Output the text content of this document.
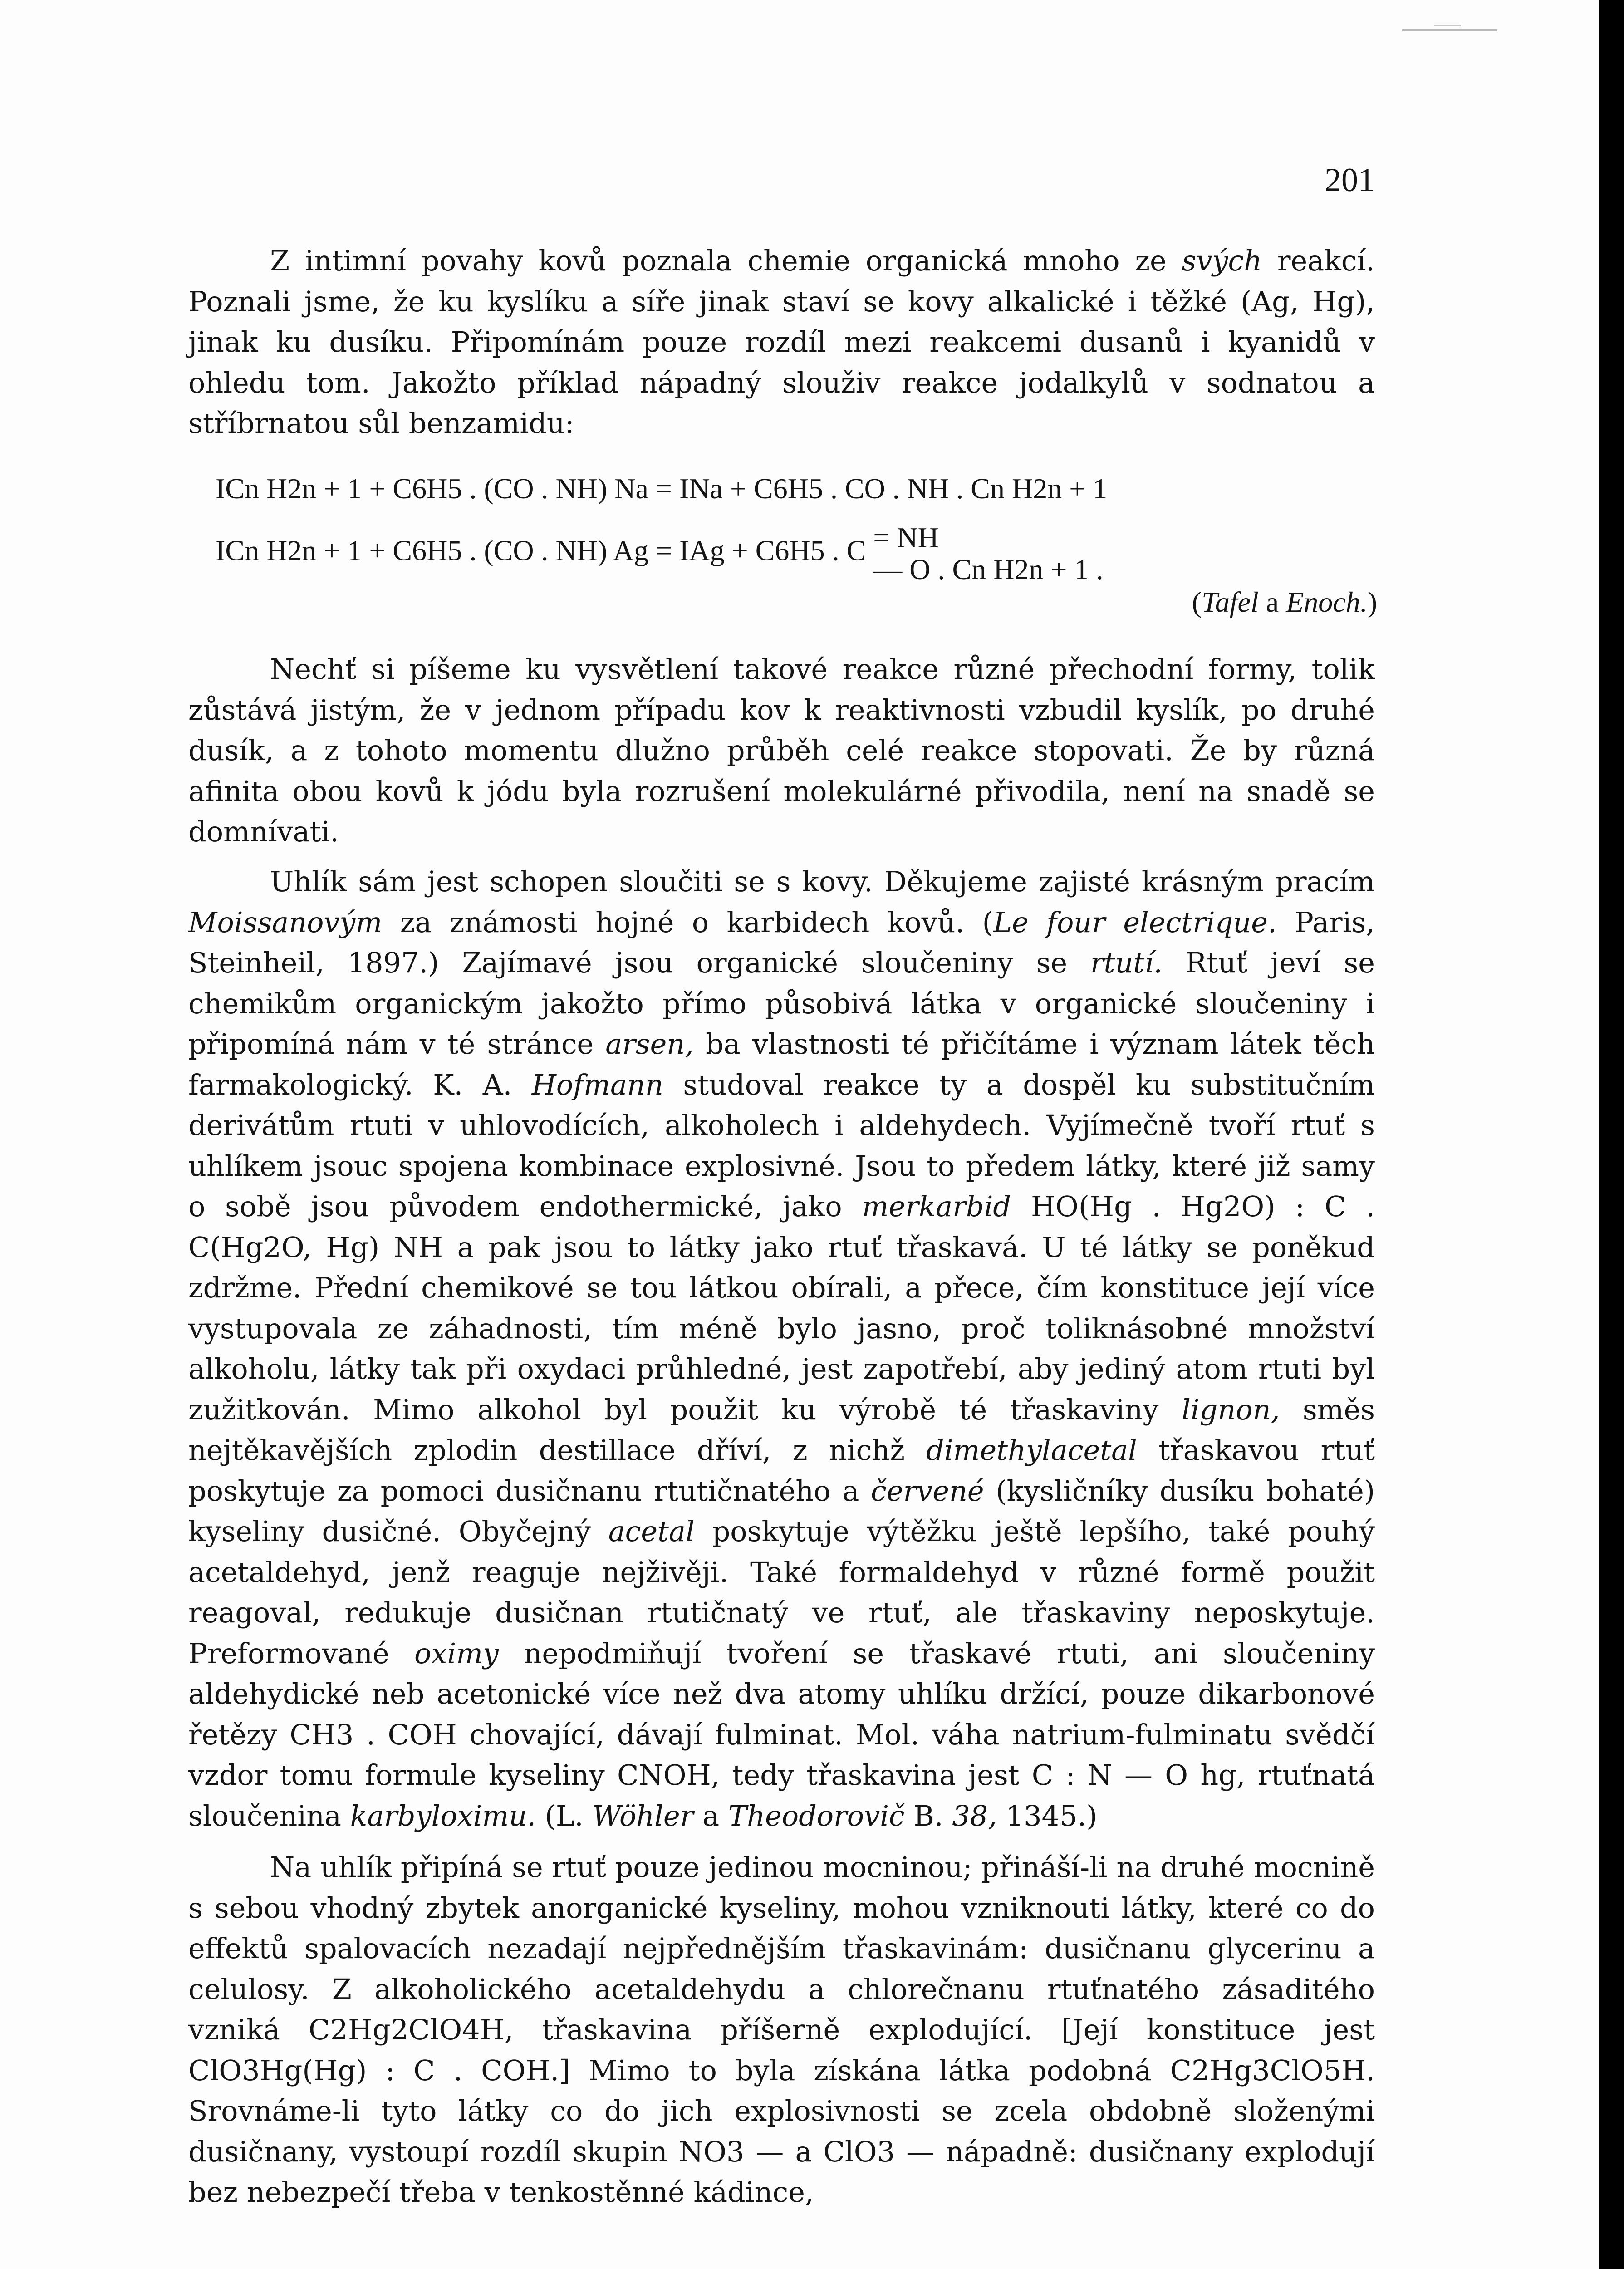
201
Z intimní povahy kovů poznala chemie organická mnoho ze svých reakcí. Poznali jsme, že ku kyslíku a síře jinak staví se kovy alkalické i těžké (Ag, Hg), jinak ku dusíku. Připomínám pouze rozdíl mezi reakcemi dusanů i kyanidů v ohledu tom. Jakožto příklad nápadný slouživ reakce jodalkylů v sodnatou a stříbrnatou sůl benzamidu:
ICn H2n + 1 + C6H5 . (CO . NH) Na = INa + C6H5 . CO . NH . Cn H2n + 1
ICn H2n + 1 + C6H5 . (CO . NH) Ag = IAg + C6H5 . C = NH
— O . Cn H2n + 1 .
(Tafel a Enoch.)
Nechť si píšeme ku vysvětlení takové reakce různé přechodní formy, tolik zůstává jistým, že v jednom případu kov k reaktivnosti vzbudil kyslík, po druhé dusík, a z tohoto momentu dlužno průběh celé reakce stopovati. Že by různá afinita obou kovů k jódu byla rozrušení molekulárné přivodila, není na snadě se domnívati.
Uhlík sám jest schopen sloučiti se s kovy. Děkujeme zajisté krásným pracím Moissanovým za známosti hojné o karbidech kovů. (Le four electrique. Paris, Steinheil, 1897.) Zajímavé jsou organické sloučeniny se rtutí. Rtuť jeví se chemikům organickým jakožto přímo působivá látka v organické sloučeniny i připomíná nám v té stránce arsen, ba vlastnosti té přičítáme i význam látek těch farmakologický. K. A. Hofmann studoval reakce ty a dospěl ku substitučním derivátům rtuti v uhlovodících, alkoholech i aldehydech. Vyjímečně tvoří rtuť s uhlíkem jsouc spojena kombinace explosivné. Jsou to předem látky, které již samy o sobě jsou původem endothermické, jako merkarbid HO(Hg . Hg2O) : C . C(Hg2O, Hg) NH a pak jsou to látky jako rtuť třaskavá. U té látky se poněkud zdržme. Přední chemikové se tou látkou obírali, a přece, čím konstituce její více vystupovala ze záhadnosti, tím méně bylo jasno, proč toliknásobné množství alkoholu, látky tak při oxydaci průhledné, jest zapotřebí, aby jediný atom rtuti byl zužitkován. Mimo alkohol byl použit ku výrobě té třaskaviny lignon, směs nejtěkavějších zplodin destillace dříví, z nichž dimethylacetal třaskavou rtuť poskytuje za pomoci dusičnanu rtutičnatého a červené (kysličníky dusíku bohaté) kyseliny dusičné. Obyčejný acetal poskytuje výtěžku ještě lepšího, také pouhý acetaldehyd, jenž reaguje nejživěji. Také formaldehyd v různé formě použit reagoval, redukuje dusičnan rtutičnatý ve rtuť, ale třaskaviny neposkytuje. Preformované oximy nepodmiňují tvoření se třaskavé rtuti, ani sloučeniny aldehydické neb acetonické více než dva atomy uhlíku držící, pouze dikarbonové řetězy CH3 . COH chovající, dávají fulminat. Mol. váha natrium-fulminatu svědčí vzdor tomu formule kyseliny CNOH, tedy třaskavina jest C : N — O hg, rtuťnatá sloučenina karbyloximu. (L. Wöhler a Theodorovič B. 38, 1345.)
Na uhlík připíná se rtuť pouze jedinou mocninou; přináší-li na druhé mocnině s sebou vhodný zbytek anorganické kyseliny, mohou vzniknouti látky, které co do effektů spalovacích nezadají nejpřednějším třaskavinám: dusičnanu glycerinu a celulosy. Z alkoholického acetaldehydu a chlorečnanu rtuťnatého zásaditého vzniká C2Hg2ClO4H, třaskavina příšerně explodující. [Její konstituce jest ClO3Hg(Hg) : C . COH.] Mimo to byla získána látka podobná C2Hg3ClO5H. Srovnáme-li tyto látky co do jich explosivnosti se zcela obdobně složenými dusičnany, vystoupí rozdíl skupin NO3 — a ClO3 — nápadně: dusičnany explodují bez nebezpečí třeba v tenkostěnné kádince,
